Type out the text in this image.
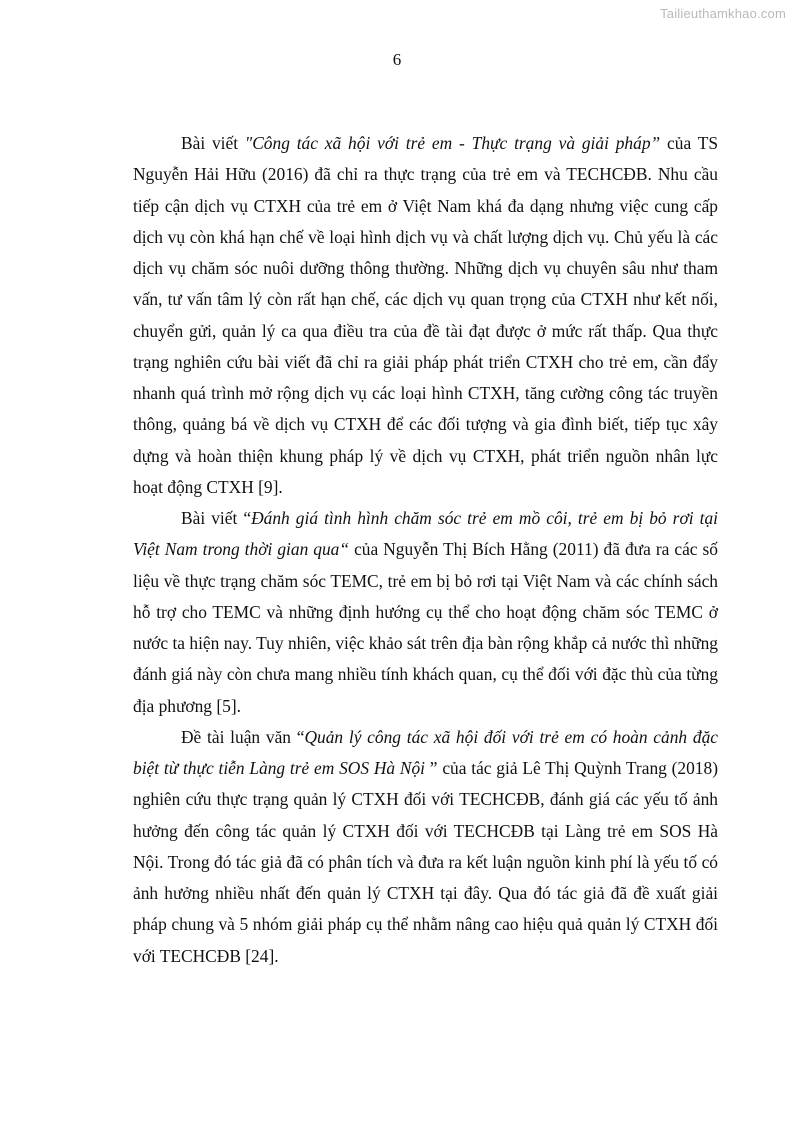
Tailieuthamkhao.com
6

Bài viết "Công tác xã hội với trẻ em - Thực trạng và giải pháp” của TS Nguyễn Hải Hữu (2016) đã chỉ ra thực trạng của trẻ em và TECHCĐB. Nhu cầu tiếp cận dịch vụ CTXH của trẻ em ở Việt Nam khá đa dạng nhưng việc cung cấp dịch vụ còn khá hạn chế về loại hình dịch vụ và chất lượng dịch vụ. Chủ yếu là các dịch vụ chăm sóc nuôi dưỡng thông thường. Những dịch vụ chuyên sâu như tham vấn, tư vấn tâm lý còn rất hạn chế, các dịch vụ quan trọng của CTXH như kết nối, chuyển gửi, quản lý ca qua điều tra của đề tài đạt được ở mức rất thấp. Qua thực trạng nghiên cứu bài viết đã chỉ ra giải pháp phát triển CTXH cho trẻ em, cần đẩy nhanh quá trình mở rộng dịch vụ các loại hình CTXH, tăng cường công tác truyền thông, quảng bá về dịch vụ CTXH để các đối tượng và gia đình biết, tiếp tục xây dựng và hoàn thiện khung pháp lý về dịch vụ CTXH, phát triển nguồn nhân lực hoạt động CTXH [9].

Bài viết “Đánh giá tình hình chăm sóc trẻ em mồ côi, trẻ em bị bỏ rơi tại Việt Nam trong thời gian qua“ của Nguyễn Thị Bích Hằng (2011) đã đưa ra các số liệu về thực trạng chăm sóc TEMC, trẻ em bị bỏ rơi tại Việt Nam và các chính sách hỗ trợ cho TEMC và những định hướng cụ thể cho hoạt động chăm sóc TEMC ở nước ta hiện nay. Tuy nhiên, việc khảo sát trên địa bàn rộng khắp cả nước thì những đánh giá này còn chưa mang nhiều tính khách quan, cụ thể đối với đặc thù của từng địa phương [5].

Đề tài luận văn “Quản lý công tác xã hội đối với trẻ em có hoàn cảnh đặc biệt từ thực tiễn Làng trẻ em SOS Hà Nội ” của tác giả Lê Thị Quỳnh Trang (2018) nghiên cứu thực trạng quản lý CTXH đối với TECHCĐB, đánh giá các yếu tố ảnh hưởng đến công tác quản lý CTXH đối với TECHCĐB tại Làng trẻ em SOS Hà Nội. Trong đó tác giả đã có phân tích và đưa ra kết luận nguồn kinh phí là yếu tố có ảnh hưởng nhiều nhất đến quản lý CTXH tại đây. Qua đó tác giả đã đề xuất giải pháp chung và 5 nhóm giải pháp cụ thể nhằm nâng cao hiệu quả quản lý CTXH đối với TECHCĐB [24].
